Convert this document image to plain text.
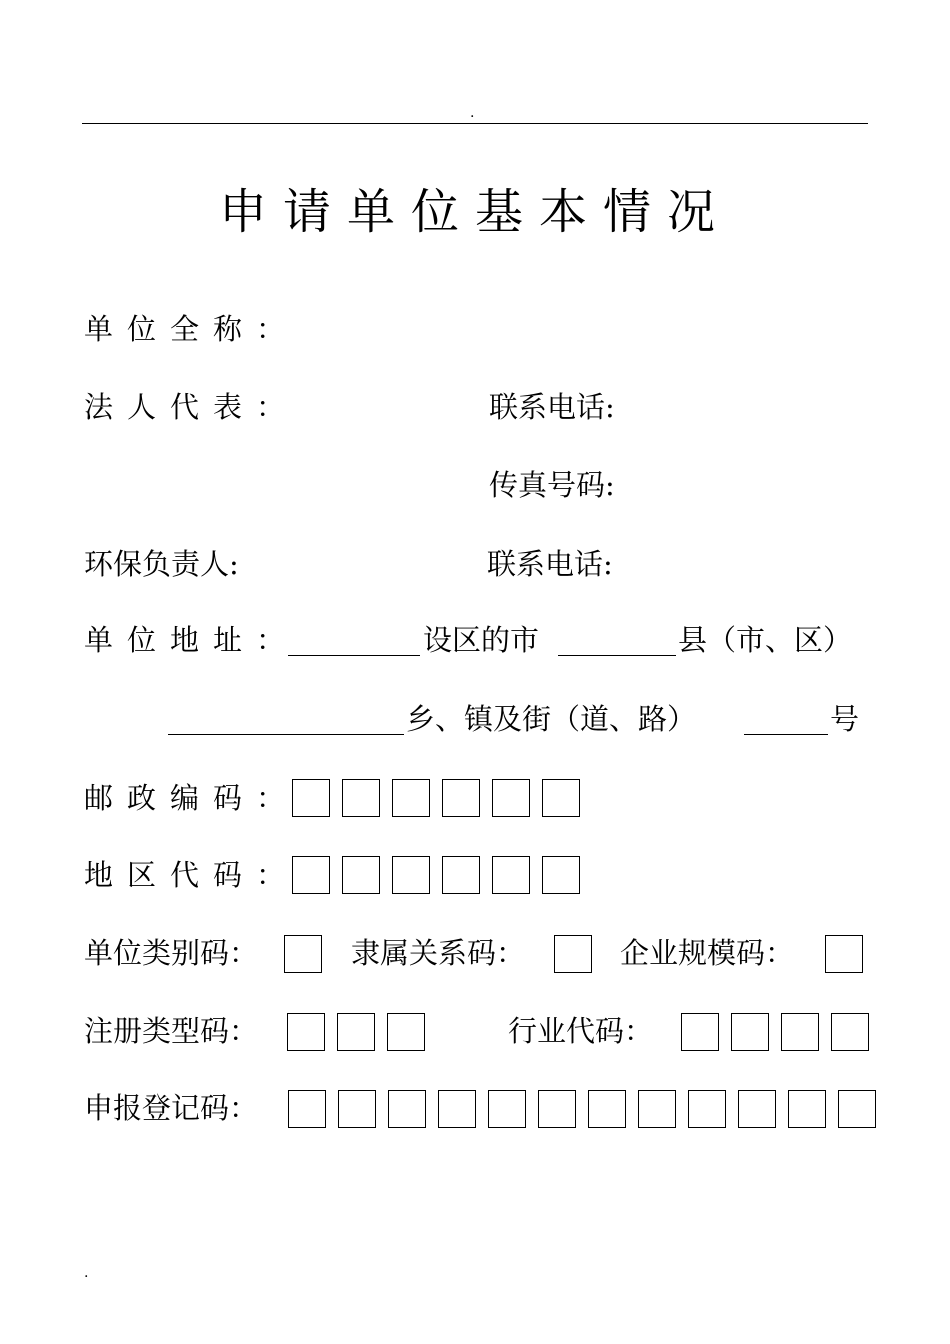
.
申请单位基本情况
单位全称：
法人代表：	联系电话:
传真号码:
环保负责人:	联系电话:
单位地址：	设区的市	县（市、区）
乡、镇及街（道、路）	号
邮政编码：
地区代码：
单位类别码：	隶属关系码：	企业规模码：
注册类型码：	行业代码：
申报登记码：
.
